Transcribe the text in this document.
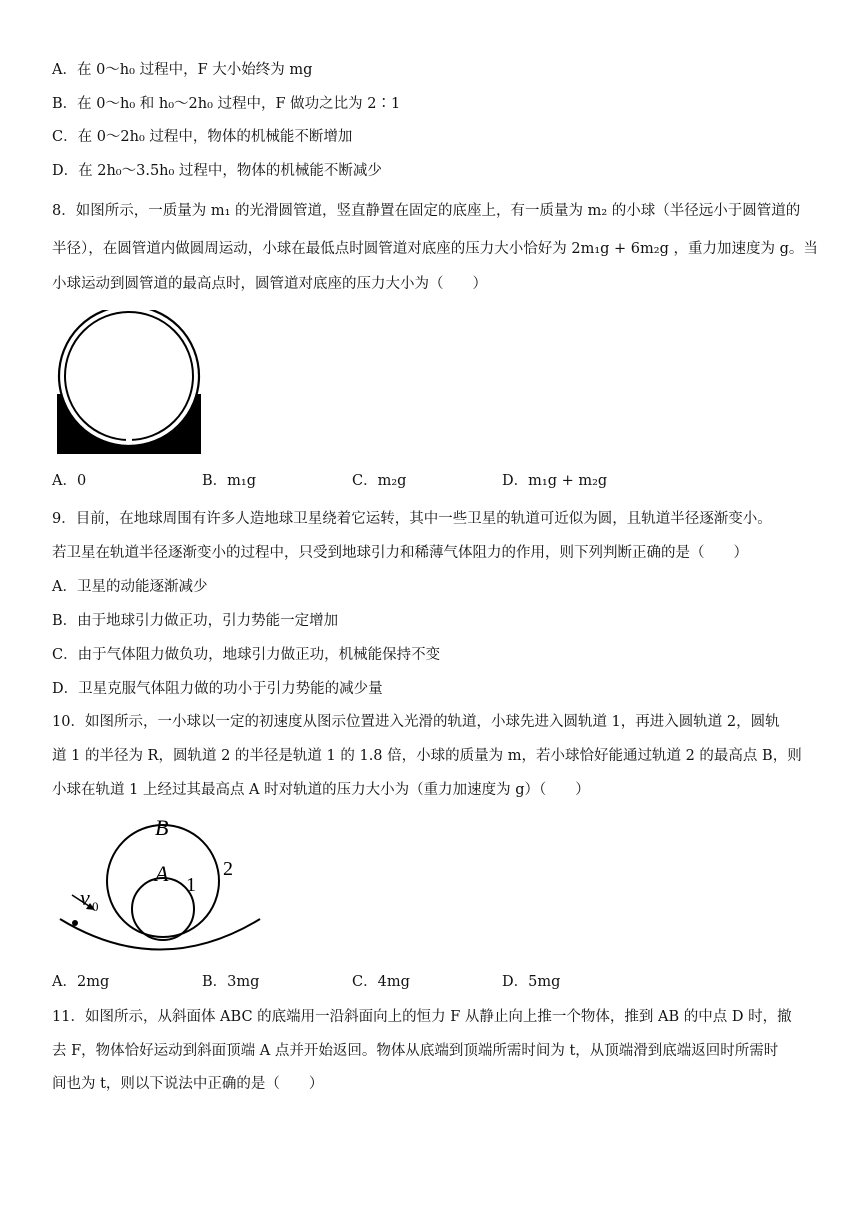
A．在 0～h₀ 过程中，F 大小始终为 mg
B．在 0～h₀ 和 h₀～2h₀ 过程中，F 做功之比为 2∶1
C．在 0～2h₀ 过程中，物体的机械能不断增加
D．在 2h₀～3.5h₀ 过程中，物体的机械能不断减少
8．如图所示，一质量为 m₁ 的光滑圆管道，竖直静置在固定的底座上，有一质量为 m₂ 的小球（半径远小于圆管道的
半径），在圆管道内做圆周运动，小球在最低点时圆管道对底座的压力大小恰好为 2m₁g + 6m₂g ，重力加速度为 g。当
小球运动到圆管道的最高点时，圆管道对底座的压力大小为（　　）
A．0	B．m₁g	C．m₂g	D．m₁g + m₂g
9．目前，在地球周围有许多人造地球卫星绕着它运转，其中一些卫星的轨道可近似为圆，且轨道半径逐渐变小。
若卫星在轨道半径逐渐变小的过程中，只受到地球引力和稀薄气体阻力的作用，则下列判断正确的是（　　）
A．卫星的动能逐渐减少
B．由于地球引力做正功，引力势能一定增加
C．由于气体阻力做负功，地球引力做正功，机械能保持不变
D．卫星克服气体阻力做的功小于引力势能的减少量
10．如图所示，一小球以一定的初速度从图示位置进入光滑的轨道，小球先进入圆轨道 1，再进入圆轨道 2，圆轨
道 1 的半径为 R，圆轨道 2 的半径是轨道 1 的 1.8 倍，小球的质量为 m，若小球恰好能通过轨道 2 的最高点 B，则
小球在轨道 1 上经过其最高点 A 时对轨道的压力大小为（重力加速度为 g）（　　）
B
A 1
2
v 0
A．2mg	B．3mg	C．4mg	D．5mg
11．如图所示，从斜面体 ABC 的底端用一沿斜面向上的恒力 F 从静止向上推一个物体，推到 AB 的中点 D 时，撤
去 F，物体恰好运动到斜面顶端 A 点并开始返回。物体从底端到顶端所需时间为 t，从顶端滑到底端返回时所需时
间也为 t，则以下说法中正确的是（　　）
